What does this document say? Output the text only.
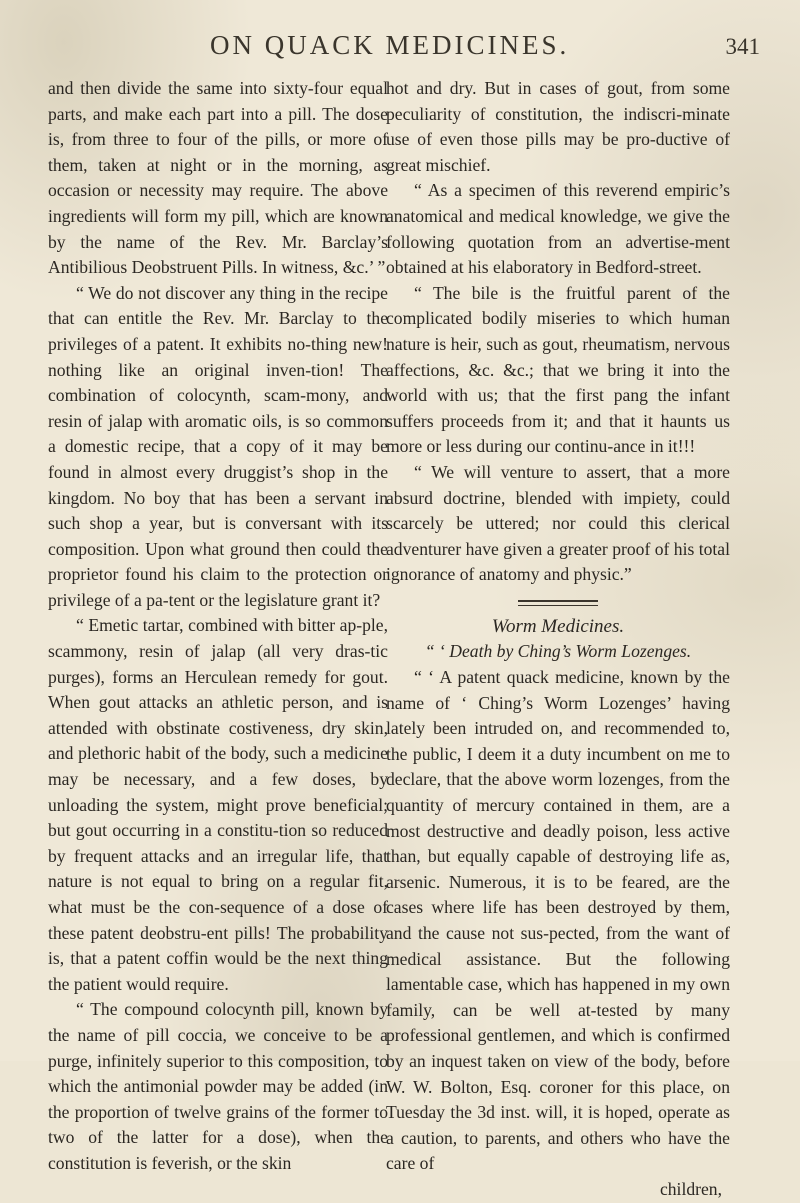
ON QUACK MEDICINES.	341

and then divide the same into sixty-four equal parts, and make each part into a pill. The dose is, from three to four of the pills, or more of them, taken at night or in the morning, as occasion or necessity may require. The above ingredients will form my pill, which are known by the name of the Rev. Mr. Barclay’s Antibilious Deobstruent Pills. In witness, &c.’ ”

“ We do not discover any thing in the recipe that can entitle the Rev. Mr. Barclay to the privileges of a patent. It exhibits no-thing new! nothing like an original inven-tion! The combination of colocynth, scam-mony, and resin of jalap with aromatic oils, is so common a domestic recipe, that a copy of it may be found in almost every druggist’s shop in the kingdom. No boy that has been a servant in such shop a year, but is conversant with its composition. Upon what ground then could the proprietor found his claim to the protection or privilege of a pa-tent or the legislature grant it?

“ Emetic tartar, combined with bitter ap-ple, scammony, resin of jalap (all very dras-tic purges), forms an Herculean remedy for gout. When gout attacks an athletic person, and is attended with obstinate costiveness, dry skin, and plethoric habit of the body, such a medicine may be necessary, and a few doses, by unloading the system, might prove beneficial; but gout occurring in a constitu-tion so reduced by frequent attacks and an irregular life, that nature is not equal to bring on a regular fit, what must be the con-sequence of a dose of these patent deobstru-ent pills! The probability is, that a patent coffin would be the next thing the patient would require.

“ The compound colocynth pill, known by the name of pill coccia, we conceive to be a purge, infinitely superior to this composition, to which the antimonial powder may be added (in the proportion of twelve grains of the former to two of the latter for a dose), when the constitution is feverish, or the skin

hot and dry. But in cases of gout, from some peculiarity of constitution, the indiscri-minate use of even those pills may be pro-ductive of great mischief.

“ As a specimen of this reverend empiric’s anatomical and medical knowledge, we give the following quotation from an advertise-ment obtained at his elaboratory in Bedford-street.

“ The bile is the fruitful parent of the complicated bodily miseries to which human nature is heir, such as gout, rheumatism, nervous affections, &c. &c.; that we bring it into the world with us; that the first pang the infant suffers proceeds from it; and that it haunts us more or less during our continu-ance in it!!!

“ We will venture to assert, that a more absurd doctrine, blended with impiety, could scarcely be uttered; nor could this clerical adventurer have given a greater proof of his total ignorance of anatomy and physic.”

Worm Medicines.

“ ‘ Death by Ching’s Worm Lozenges.

“ ‘ A patent quack medicine, known by the name of ‘ Ching’s Worm Lozenges’ having lately been intruded on, and recommended to, the public, I deem it a duty incumbent on me to declare, that the above worm lozenges, from the quantity of mercury contained in them, are a most destructive and deadly poison, less active than, but equally capable of destroying life as, arsenic. Numerous, it is to be feared, are the cases where life has been destroyed by them, and the cause not sus-pected, from the want of medical assistance. But the following lamentable case, which has happened in my own family, can be well at-tested by many professional gentlemen, and which is confirmed by an inquest taken on view of the body, before W. W. Bolton, Esq. coroner for this place, on Tuesday the 3d inst. will, it is hoped, operate as a caution, to parents, and others who have the care of

children,
